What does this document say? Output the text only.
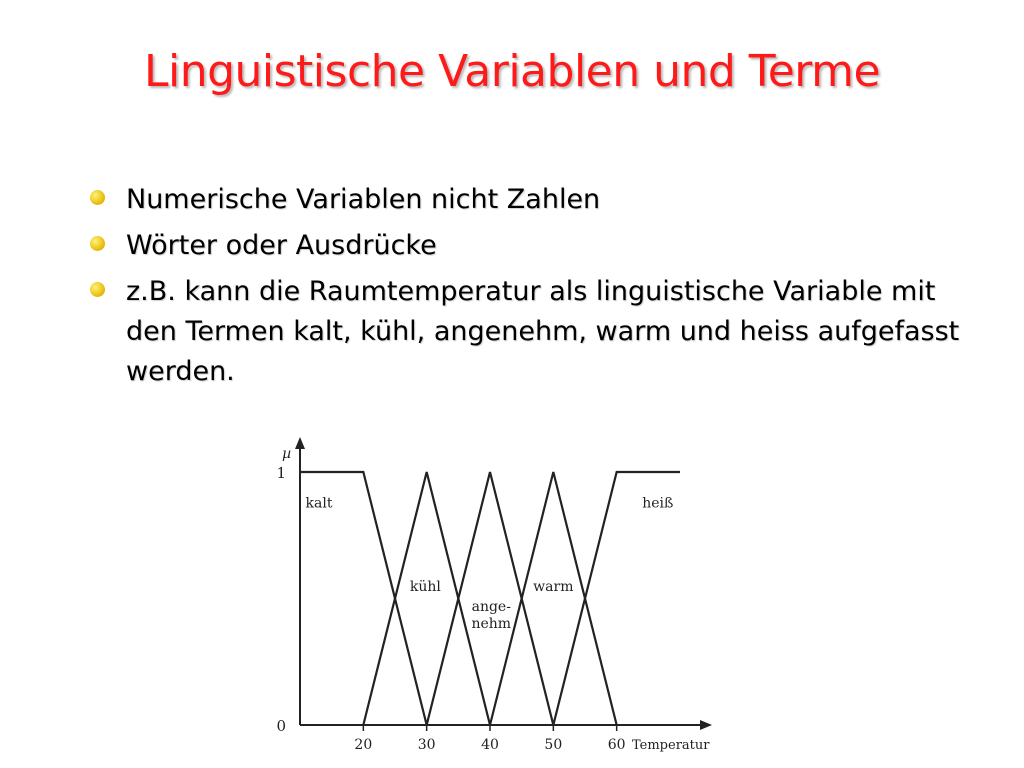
Linguistische Variablen und Terme
Numerische Variablen nicht Zahlen
Wörter oder Ausdrücke
z.B. kann die Raumtemperatur als linguistische Variable mit den Termen kalt, kühl, angenehm, warm und heiss aufgefasst werden.
20	30	40	50	60
0
1
Temperatur
µ
kalt
kühl
ange-nehm
warm
heiß
